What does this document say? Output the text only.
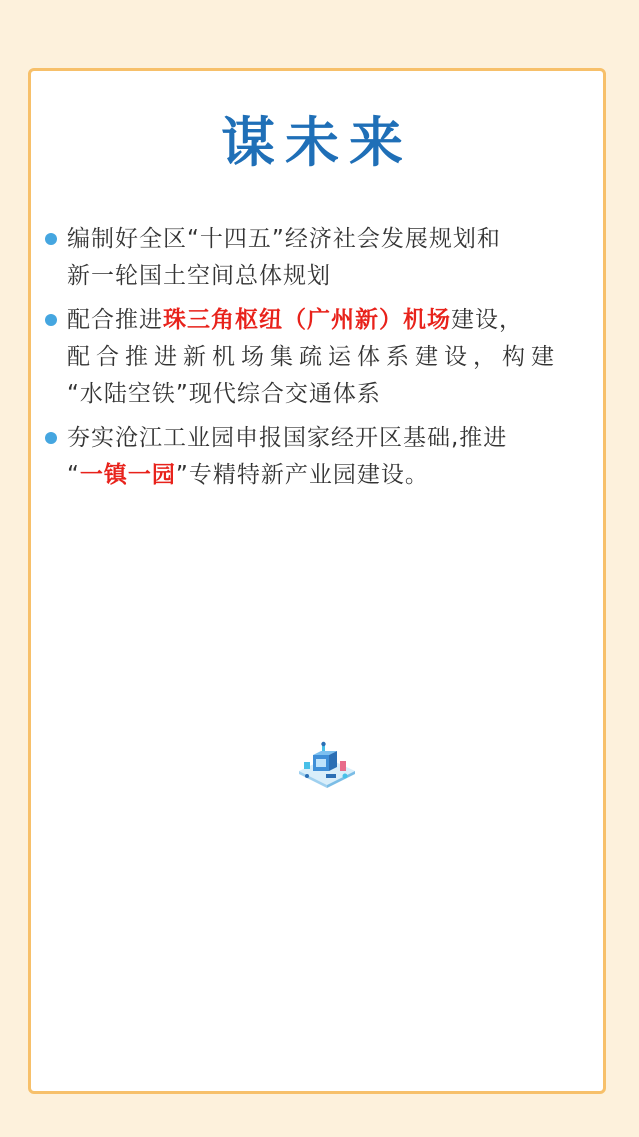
谋未来
编制好全区“十四五”经济社会发展规划和
新一轮国土空间总体规划
配合推进珠三角枢纽（广州新）机场建设，
配合推进新机场集疏运体系建设，构建
“水陆空铁”现代综合交通体系
夯实沧江工业园申报国家经开区基础,推进
“一镇一园”专精特新产业园建设。
